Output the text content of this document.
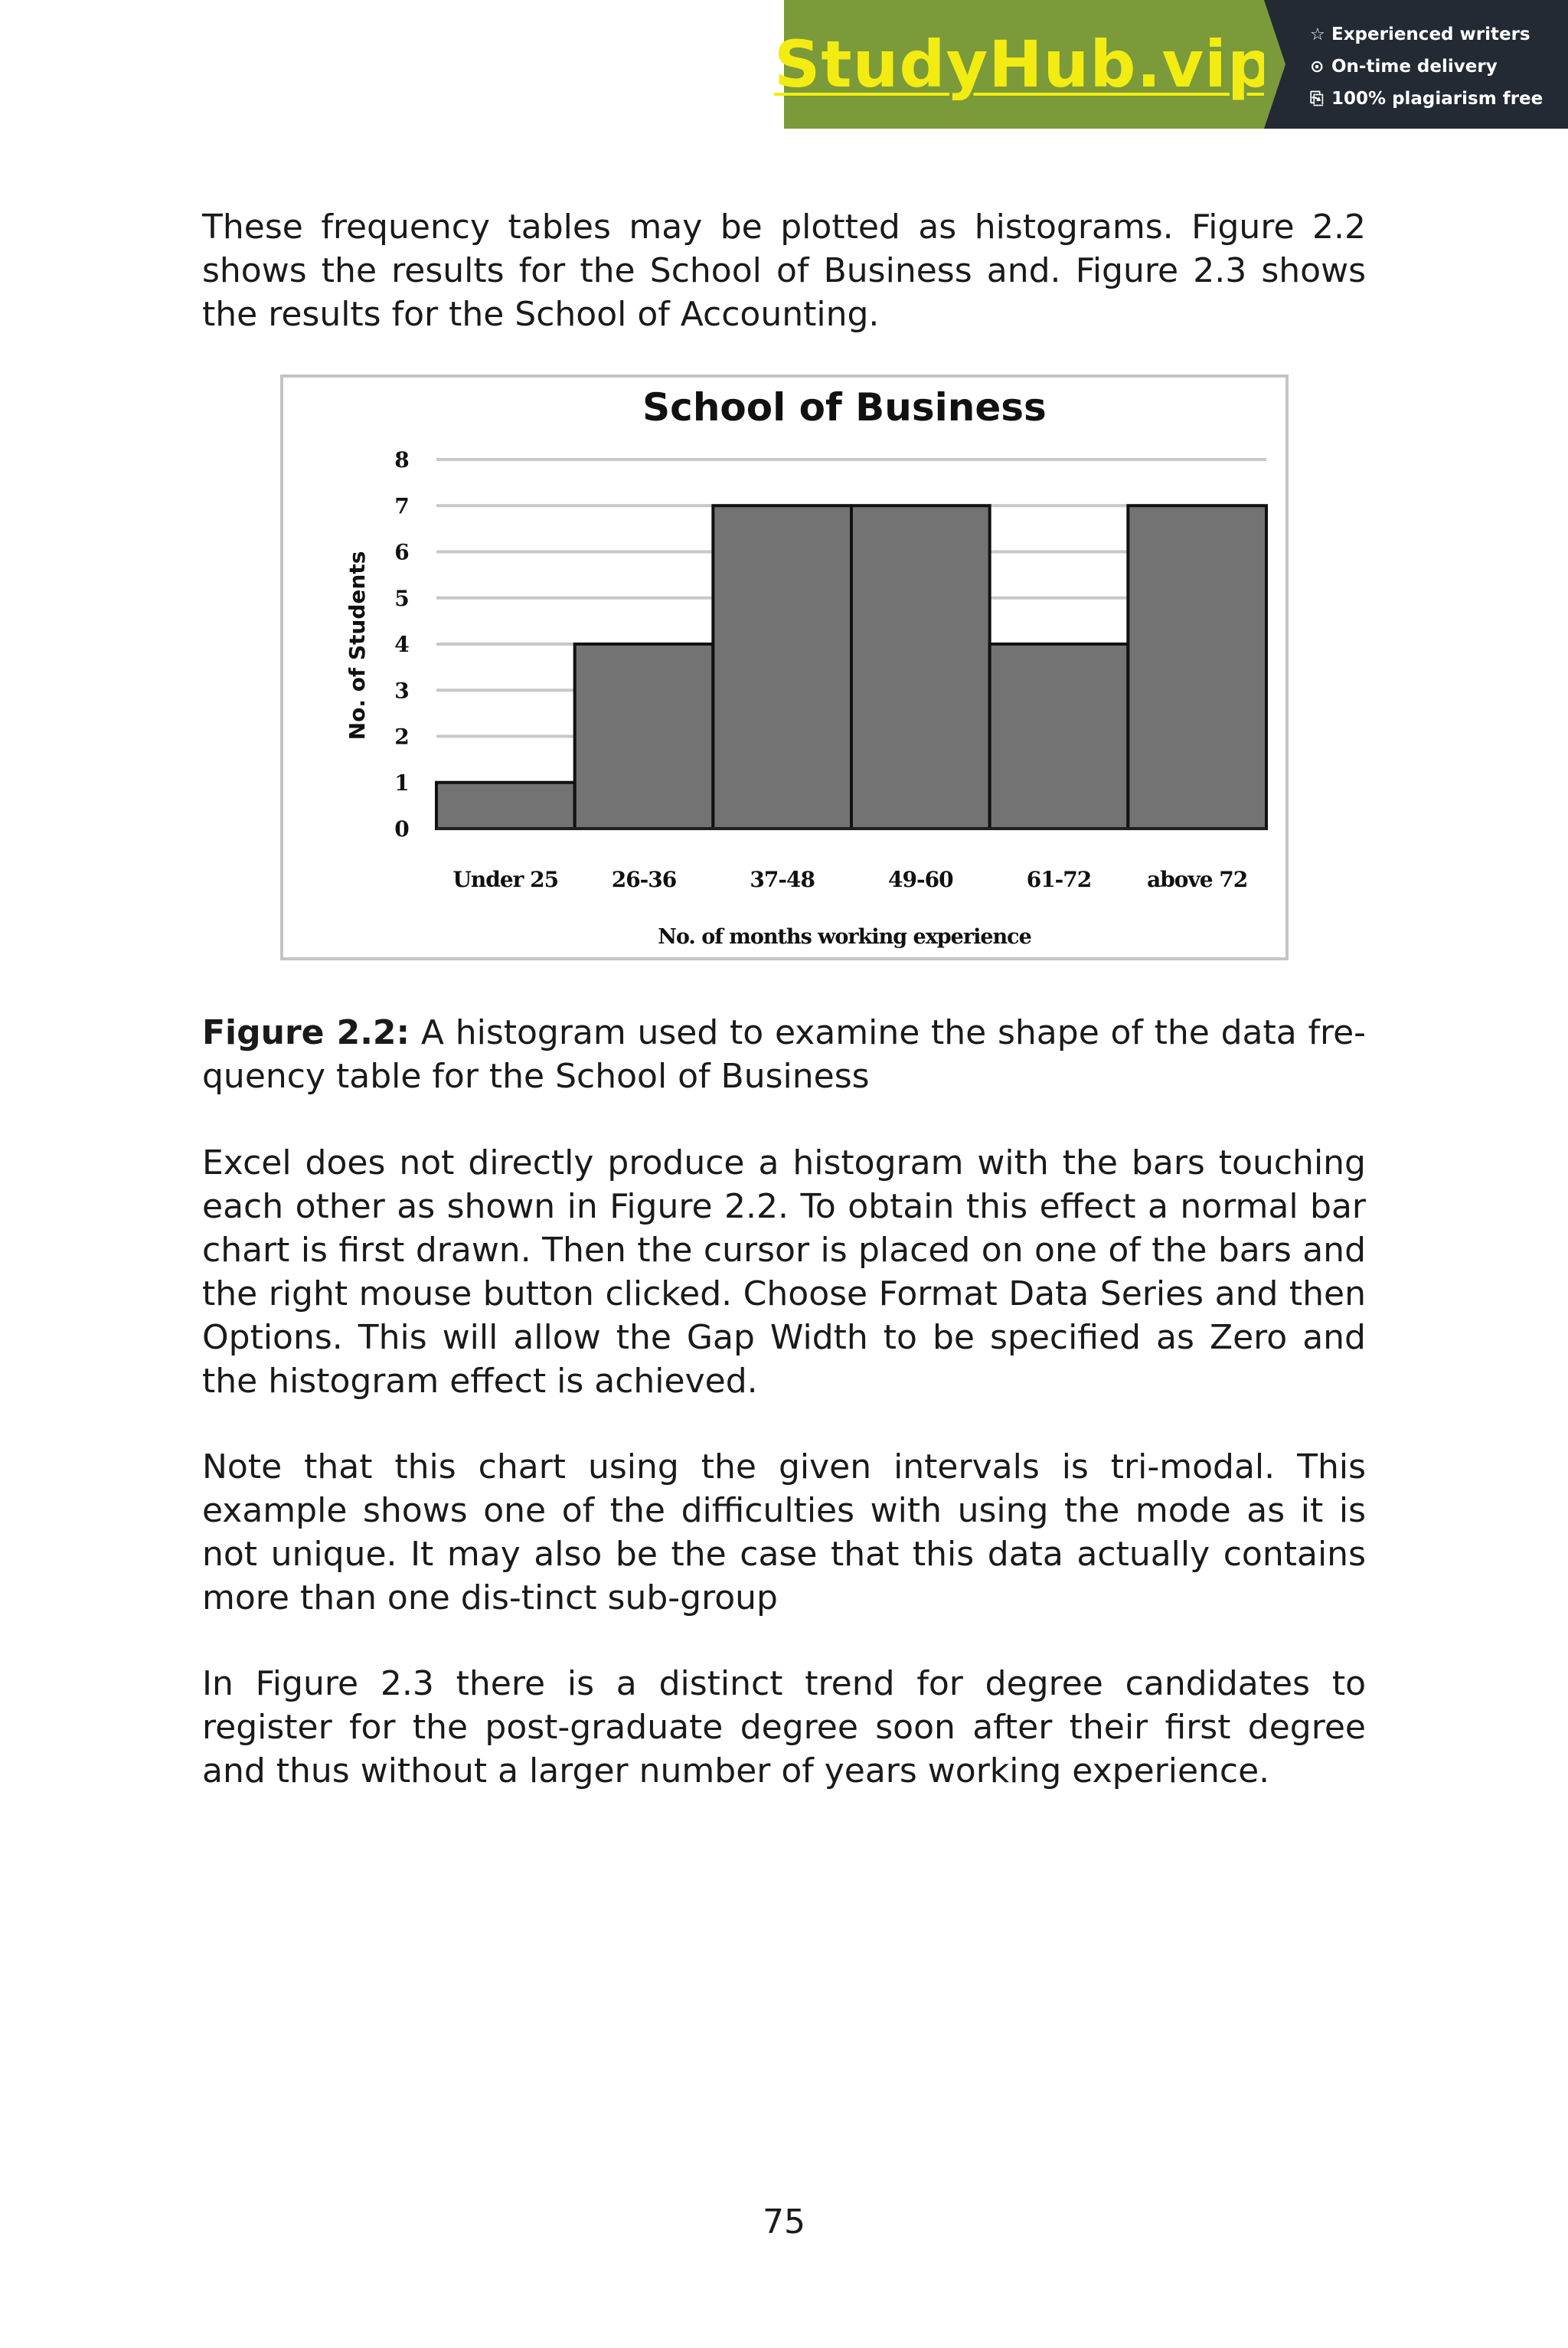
StudyHub.vip ☆ Experienced writers
⊙ On-time delivery
⎘ 100% plagiarism free

These frequency tables may be plotted as histograms. Figure 2.2 shows the results for the School of Business and. Figure 2.3 shows the results for the School of Accounting.

School of Business
0
1
2
3
4
5
6
7
8
Under 25 26-36	37-48	49-60	61-72	above 72
No. of months working experience
No. of Students

Figure 2.2: A histogram used to examine the shape of the data fre-quency table for the School of Business

Excel does not directly produce a histogram with the bars touching each other as shown in Figure 2.2. To obtain this effect a normal bar chart is first drawn. Then the cursor is placed on one of the bars and the right mouse button clicked. Choose Format Data Series and then Options. This will allow the Gap Width to be specified as Zero and the histogram effect is achieved.

Note that this chart using the given intervals is tri-modal. This example shows one of the difficulties with using the mode as it is not unique. It may also be the case that this data actually contains more than one dis-tinct sub-group

In Figure 2.3 there is a distinct trend for degree candidates to register for the post-graduate degree soon after their first degree and thus without a larger number of years working experience.

75
